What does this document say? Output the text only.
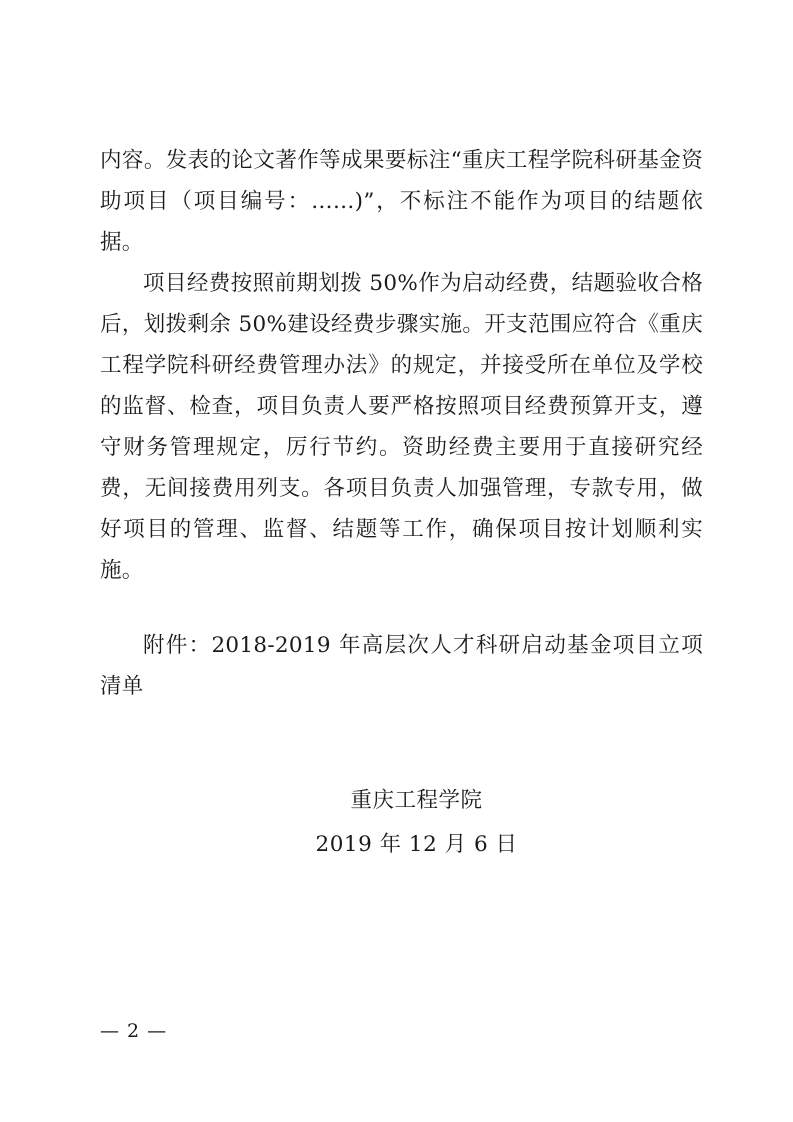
内容。发表的论文著作等成果要标注“重庆工程学院科研基金资助项目（项目编号：……)”，不标注不能作为项目的结题依据。

项目经费按照前期划拨 50%作为启动经费，结题验收合格后，划拨剩余 50%建设经费步骤实施。开支范围应符合《重庆工程学院科研经费管理办法》的规定，并接受所在单位及学校的监督、检查，项目负责人要严格按照项目经费预算开支，遵守财务管理规定，厉行节约。资助经费主要用于直接研究经费，无间接费用列支。各项目负责人加强管理，专款专用，做好项目的管理、监督、结题等工作，确保项目按计划顺利实施。

附件：2018-2019 年高层次人才科研启动基金项目立项清单

重庆工程学院
2019 年 12 月 6 日
— 2 —
